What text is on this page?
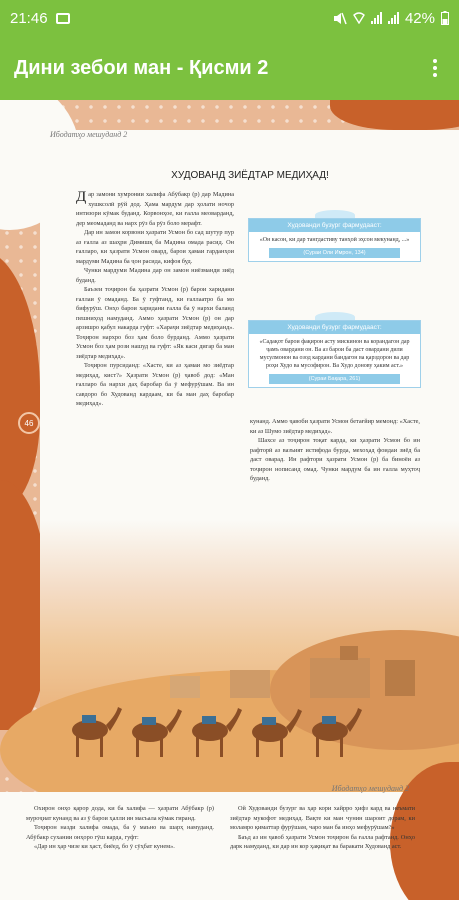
21:46	42%
Дини зебои ман - Қисми 2
Ибодатҳо мешуданд 2
46
ХУДОВАНД ЗИЁДТАР МЕДИҲАД!

Дар замони хумронии халифа Абӯбакр (р) дар Мадина хушксолӣ рӯй дод. Ҳама мардум дар ҳолати ночор интизори кӯмак буданд. Корвонҳое, ки ғалла меоварданд, дер меомаданд ва нарх рӯз ба рӯз боло мерафт.

Дар ин замон корвони ҳазрати Усмон бо сад шутур пур аз ғалла аз шаҳри Димишқ ба Мадина омада расид. Он ғалларо, ки ҳазрати Усмон овард, барои ҳамаи гарданҳои мардуми Мадина ба ҷон расида, кифоя буд.

Чунки мардуми Мадина дар он замон ниёзманди зиёд буданд.

Баъзеи тоҷирон ба ҳазрати Усмон (р) барои харидани ғаллаи ӯ омаданд. Ба ӯ гуфтанд, ки ғаллаатро ба мо бифурӯш. Онҳо барои харидани ғалла ба ӯ нархи баланд пешниҳод намуданд. Аммо ҳазрати Усмон (р) он дар арзишро қабул накарда гуфт: «Хараҷи зиёдтар медиҳанд». Тоҷирон нархро боз ҳам боло бурданд. Аммо ҳазрати Усмон боз ҳам рози нашуд ва гуфт: «Як каси дигар ба ман зиёдтар медиҳад».

Тоҷирон пурсиданд: «Хасте, ки аз ҳамаи мо зиёдтар медиҳад, кист?» Ҳазрати Усмон (р) ҷавоб дод: «Ман ғалларо ба нархи даҳ баробар ба ӯ мефурӯшам. Ва ин савдоро бо Худованд кардаам, ки ба ман даҳ баробар медиҳад».

Худованди бузург фармудааст:
«Он касон, ки дар тангдастиву танҳоӣ эҳсон мекунанд, ...»
(Сураи Оли Имрон, 134)
Худованди бузург фармудааст:
«Садақот барои фақирон асту мискинон ва корандагон дар ҷамъ овардани он. Ва аз барои ба даст овардани дили мусулмонон ва озод кардани бандагон ва қарздорон ва дар роҳи Худо ва мусофирон. Ва Худо донову ҳаким аст.»
(Сураи Бақара, 261)

кунанд. Аммо ҷавоби ҳазрати Усмон бетағйир мемонд: «Хасте, ки аз Шумо зиёдтар медиҳад».

Шахсе аз тоҷирон тоқат карда, ки ҳазрати Усмон бо ин рафторӣ аз вазъият истифода бурда, мехоҳад фоидаи зиёд ба даст оварад. Ин рафтори ҳазрати Усмон (р) ба биноёи аз тоҷирон нописанд омад. Чунки мардум ба ин ғалла муҳтоҷ буданд.

Ибодатҳо мешуданд 2

Охирон онҳо қарор дода, ки ба халифа — ҳазрати Абӯбакр (р) муроҷиат кунанд ва аз ӯ барои ҳалли ин масъала кӯмак гиранд.

Тоҷирон назди халифа омада, ба ӯ маъно ва шарҳ намуданд. Абӯбакр сухании онҳоро гӯш карда, гуфт:

«Дар ин ҳар чизе ки ҳаст, биёед, бо ӯ сӯҳбат кунем».

Ой Худованди бузург ва ҳар кори хайрро ҳифз кард ва неъмати зиёдтар мукофот медиҳад. Вақте ки ман чунин шароит дорам, ки моламро қиматтар фурӯшам, чаро ман ба инҳо мефурӯшам?»

Баъд аз ин ҷавоб ҳазрати Усмон тоҷирон ба ғалла рафтанд. Онҳо дарк намуданд, ки дар ин кор ҳақиқат ва баракати Худованд аст.
